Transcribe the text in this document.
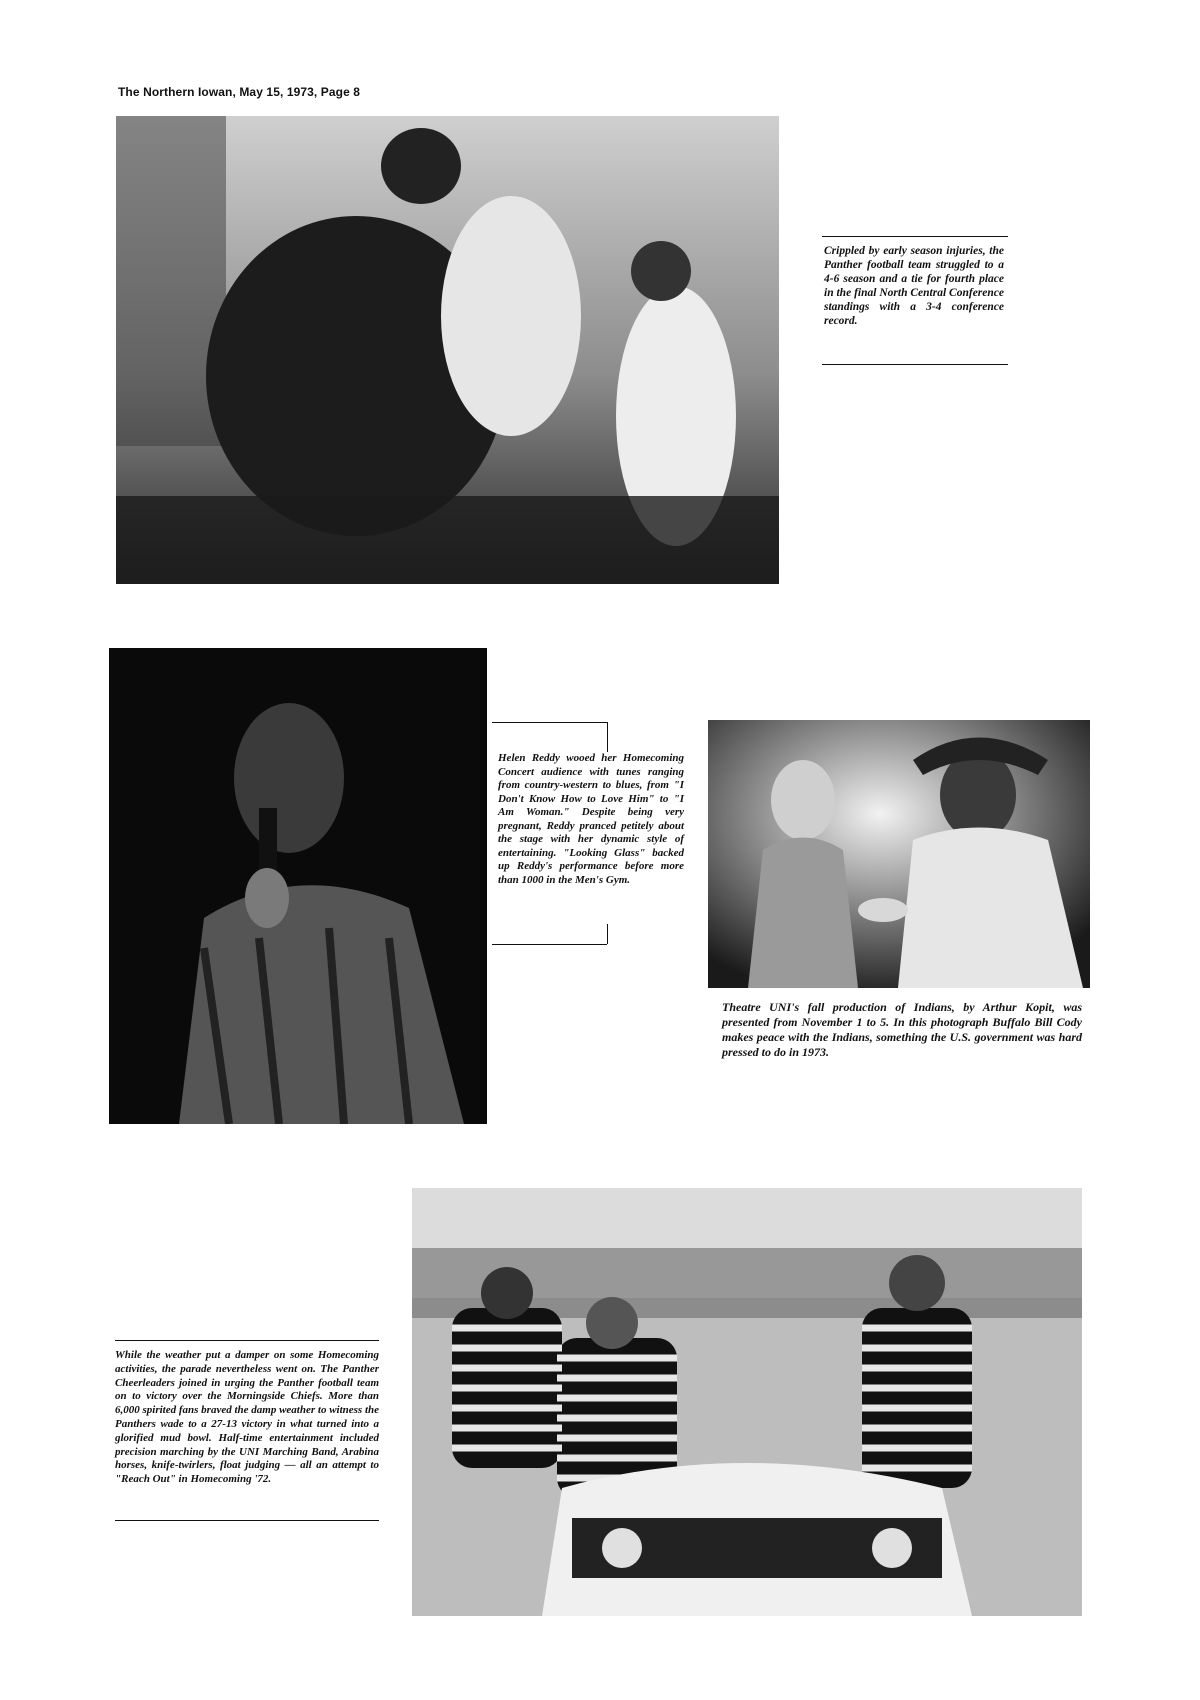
The Northern Iowan, May 15, 1973, Page 8

Crippled by early season injuries, the Panther football team struggled to a 4-6 season and a tie for fourth place in the final North Central Conference standings with a 3-4 conference record.

Helen Reddy wooed her Homecoming Concert audience with tunes ranging from country-western to blues, from "I Don't Know How to Love Him" to "I Am Woman." Despite being very pregnant, Reddy pranced petitely about the stage with her dynamic style of entertaining. "Looking Glass" backed up Reddy's performance before more than 1000 in the Men's Gym.

Theatre UNI's fall production of Indians, by Arthur Kopit, was presented from November 1 to 5. In this photograph Buffalo Bill Cody makes peace with the Indians, something the U.S. government was hard pressed to do in 1973.

While the weather put a damper on some Homecoming activities, the parade nevertheless went on. The Panther Cheerleaders joined in urging the Panther football team on to victory over the Morningside Chiefs. More than 6,000 spirited fans braved the damp weather to witness the Panthers wade to a 27-13 victory in what turned into a glorified mud bowl. Half-time entertainment included precision marching by the UNI Marching Band, Arabina horses, knife-twirlers, float judging — all an attempt to "Reach Out" in Homecoming '72.
